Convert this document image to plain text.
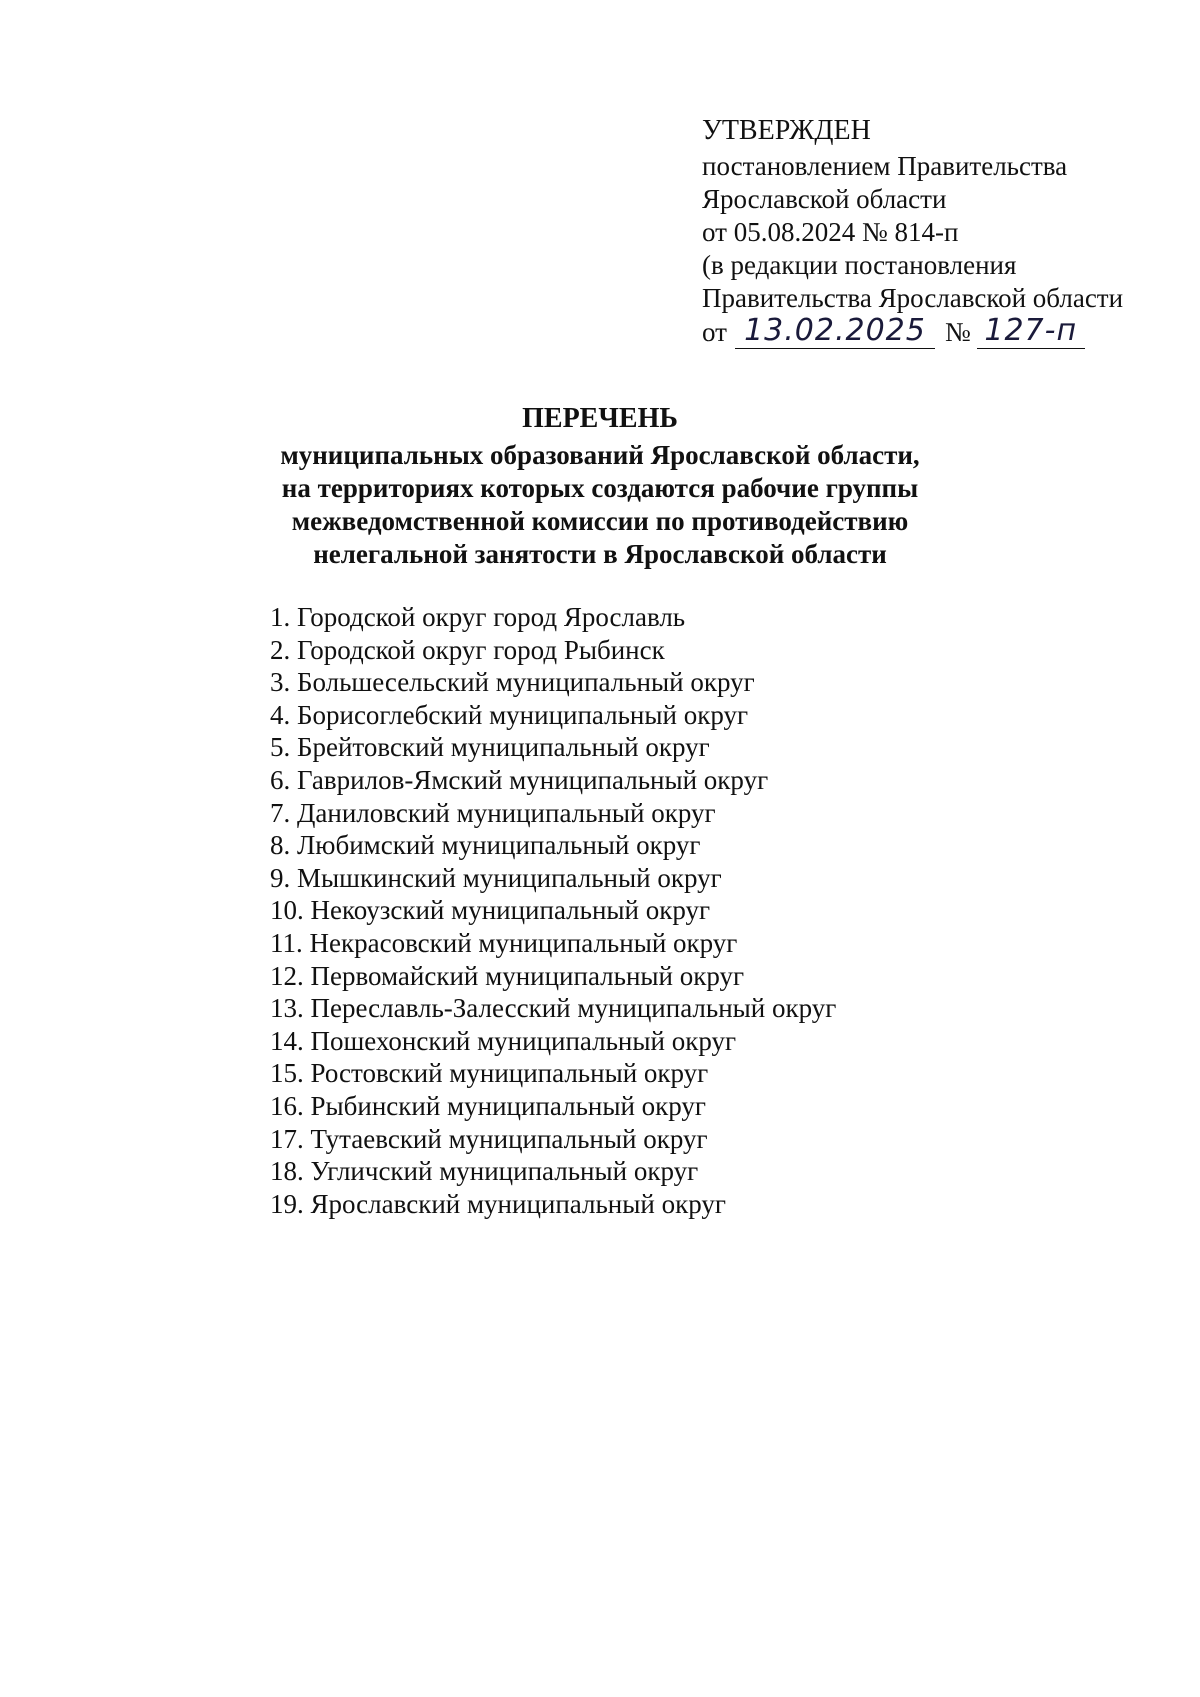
УТВЕРЖДЕН
постановлением Правительства
Ярославской области
от 05.08.2024 № 814-п
(в редакции постановления
Правительства Ярославской области
от 13.02.2025 № 127-п
ПЕРЕЧЕНЬ
муниципальных образований Ярославской области,
на территориях которых создаются рабочие группы
межведомственной комиссии по противодействию
нелегальной занятости в Ярославской области
1. Городской округ город Ярославль
2. Городской округ город Рыбинск
3. Большесельский муниципальный округ
4. Борисоглебский муниципальный округ
5. Брейтовский муниципальный округ
6. Гаврилов-Ямский муниципальный округ
7. Даниловский муниципальный округ
8. Любимский муниципальный округ
9. Мышкинский муниципальный округ
10. Некоузский муниципальный округ
11. Некрасовский муниципальный округ
12. Первомайский муниципальный округ
13. Переславль-Залесский муниципальный округ
14. Пошехонский муниципальный округ
15. Ростовский муниципальный округ
16. Рыбинский муниципальный округ
17. Тутаевский муниципальный округ
18. Угличский муниципальный округ
19. Ярославский муниципальный округ
